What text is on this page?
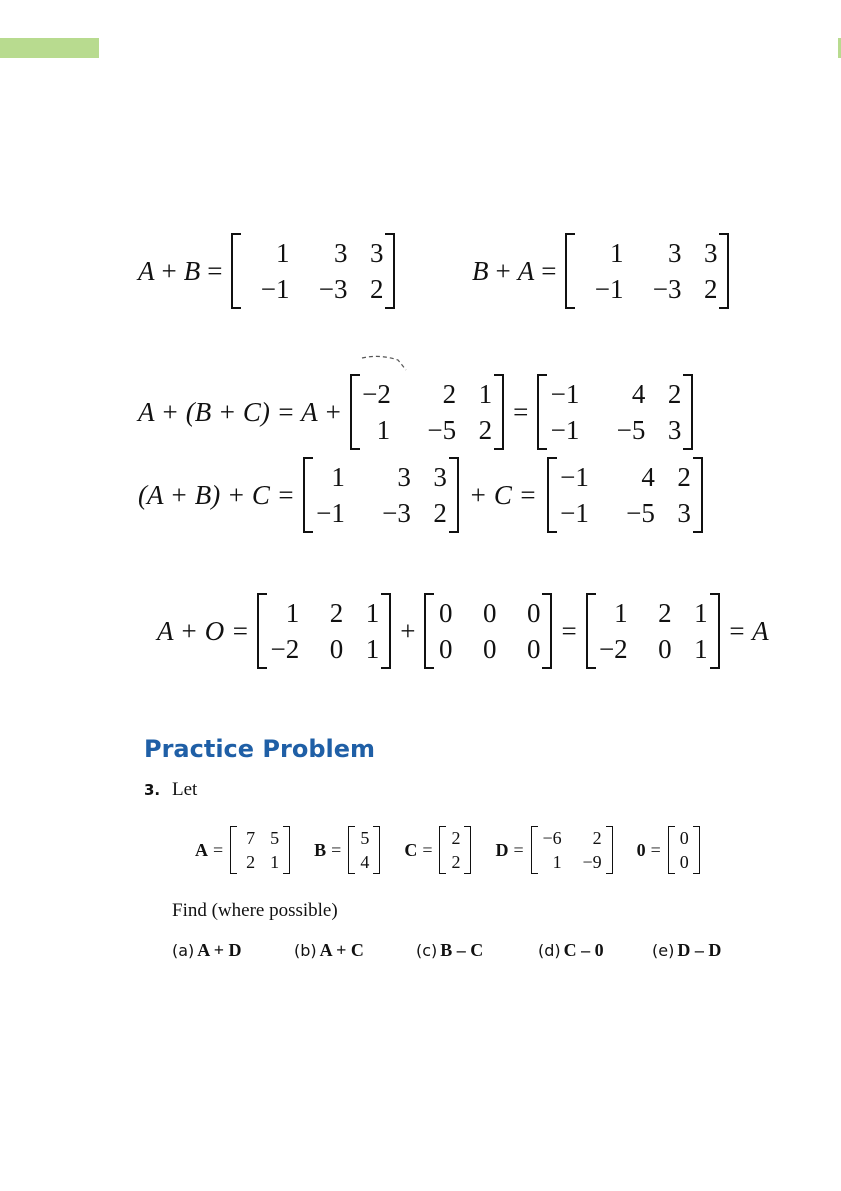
A + B =
1	3 3
−1	−3 2
B + A =
1	3 3
−1	−3 2
A + (B + C) = A +
−2	2 1
1	−5 2
=
−1	4 2
−1	−5 3
(A + B) + C =
1	3 3
−1	−3 2
+ C =
−1	4 2
−1	−5 3
A + O =
1	2 1
−2	0 1
+
0	0	0
0	0	0
=
1	2 1
−2	0 1
= A
Practice Problem
3. Let
A =
7 5
2 1
B =
5
4
C =
2
2
D =
−6	2
1	−9
0 =
0
0
Find (where possible)
(a) A + D	(b) A + C	(c) B – C	(d) C – 0	(e) D – D
